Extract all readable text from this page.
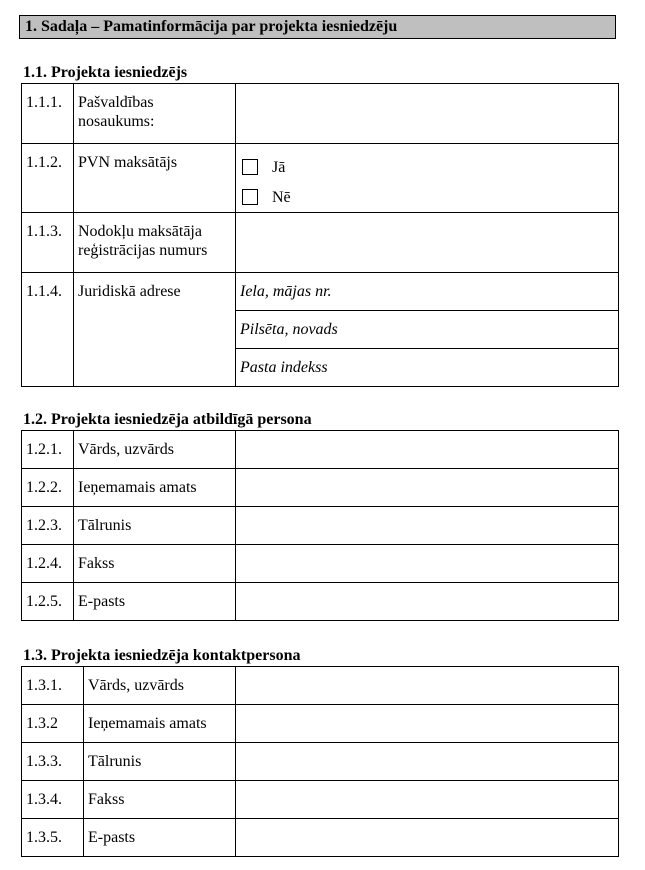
1. Sadaļa – Pamatinformācija par projekta iesniedzēju
1.1. Projekta iesniedzējs
1.1.1.	Pašvaldības nosaukums:	
1.1.2.	PVN maksātājs	Jā
Nē

1.1.3.	Nodokļu maksātāja reģistrācijas numurs	
1.1.4.	Juridiskā adrese	Iela, mājas nr.
Pilsēta, novads
Pasta indekss
1.2. Projekta iesniedzēja atbildīgā persona
1.2.1.	Vārds, uzvārds	
1.2.2.	Ieņemamais amats	
1.2.3.	Tālrunis	
1.2.4.	Fakss	
1.2.5.	E-pasts	
1.3. Projekta iesniedzēja kontaktpersona
1.3.1.	Vārds, uzvārds	
1.3.2	Ieņemamais amats	
1.3.3.	Tālrunis	
1.3.4.	Fakss	
1.3.5.	E-pasts	
